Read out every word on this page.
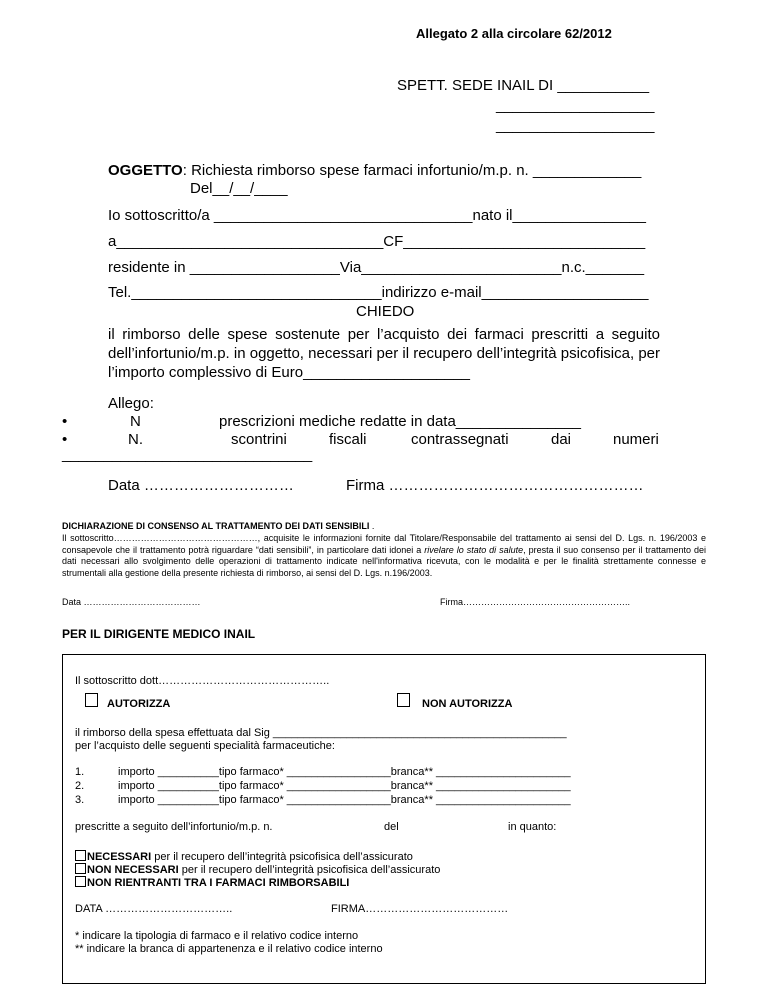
Allegato 2 alla circolare 62/2012
SPETT. SEDE INAIL DI ___________
___________________
___________________
OGGETTO: Richiesta rimborso spese farmaci infortunio/m.p. n. _____________
Del__/__/____
Io sottoscritto/a _______________________________nato il________________
a________________________________CF_____________________________
residente in __________________Via________________________n.c._______
Tel.______________________________indirizzo e-mail____________________
CHIEDO
il rimborso delle spese sostenute per l’acquisto dei farmaci prescritti a seguito dell’infortunio/m.p. in oggetto, necessari per il recupero dell’integrità psicofisica, per l’importo complessivo di Euro____________________
Allego:
•	N	prescrizioni mediche redatte in data_______________
•	N.	scontrini	fiscali	contrassegnati	dai	numeri
______________________________
Data …………………………	Firma ……………………………………………
DICHIARAZIONE DI CONSENSO AL TRATTAMENTO DEI DATI SENSIBILI .
Il sottoscritto…………………………………………, acquisite le informazioni fornite dal Titolare/Responsabile del trattamento ai sensi del D. Lgs. n. 196/2003 e consapevole che il trattamento potrà riguardare “dati sensibili”, in particolare dati idonei a rivelare lo stato di salute, presta il suo consenso per il trattamento dei dati necessari allo svolgimento delle operazioni di trattamento indicate nell'informativa ricevuta, con le modalità e per le finalità strettamente connesse e strumentali alla gestione della presente richiesta di rimborso, ai sensi del D. Lgs. n.196/2003.
Data …………………………………	Firma………………………………………………..
PER IL DIRIGENTE MEDICO INAIL
Il sottoscritto dott………………………………………..
AUTORIZZA	NON AUTORIZZA
il rimborso della spesa effettuata dal Sig ________________________________________________
per l’acquisto delle seguenti specialità farmaceutiche:
1.	importo __________tipo farmaco* _________________branca** ______________________
2.	importo __________tipo farmaco* _________________branca** ______________________
3.	importo __________tipo farmaco* _________________branca** ______________________
prescritte a seguito dell’infortunio/m.p. n.	del	in quanto:
NECESSARI per il recupero dell’integrità psicofisica dell’assicurato
NON NECESSARI per il recupero dell’integrità psicofisica dell’assicurato
NON RIENTRANTI TRA I FARMACI RIMBORSABILI
DATA ……………………………..	FIRMA…………………………………
* indicare la tipologia di farmaco e il relativo codice interno
** indicare la branca di appartenenza e il relativo codice interno
